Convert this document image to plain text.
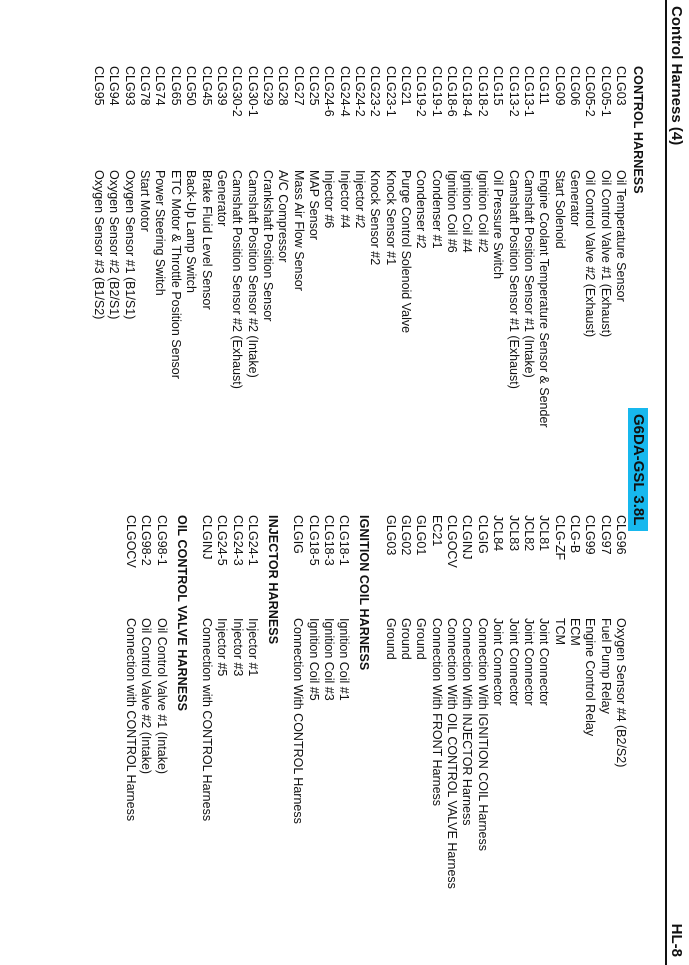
Control Harness (4)
HL-8
G6DA-GSL 3.8L
CONTROL HARNESS
CLG03
Oil Temperature Sensor
CLG05-1
Oil Control Valve #1 (Exhaust)
CLG05-2
Oil Control Valve #2 (Exhaust)
CLG06
Generator
CLG09
Start Solenoid
CLG11
Engine Coolant Temperature Sensor & Sender
CLG13-1
Camshaft Position Sensor #1 (Intake)
CLG13-2
Camshaft Position Sensor #1 (Exhaust)
CLG15
Oil Pressure Switch
CLG18-2
Ignition Coil #2
CLG18-4
Ignition Coil #4
CLG18-6
Ignition Coil #6
CLG19-1
Condenser #1
CLG19-2
Condenser #2
CLG21
Purge Control Solenoid Valve
CLG23-1
Knock Sensor #1
CLG23-2
Knock Sensor #2
CLG24-2
Injector #2
CLG24-4
Injector #4
CLG24-6
Injector #6
CLG25
MAP Sensor
CLG27
Mass Air Flow Sensor
CLG28
A/C Compressor
CLG29
Crankshaft Position Sensor
CLG30-1
Camshaft Position Sensor #2 (Intake)
CLG30-2
Camshaft Position Sensor #2 (Exhaust)
CLG39
Generator
CLG45
Brake Fluid Level Sensor
CLG50
Back-Up Lamp Switch
CLG65
ETC Motor & Throttle Position Sensor
CLG74
Power Steering Switch
CLG78
Start Motor
CLG93
Oxygen Sensor #1 (B1/S1)
CLG94
Oxygen Sensor #2 (B2/S1)
CLG95
Oxygen Sensor #3 (B1/S2)
CLG96
Oxygen Sensor #4 (B2/S2)
CLG97
Fuel Pump Relay
CLG99
Engine Control Relay
CLG-B
ECM
CLG-ZF
TCM
JCL81
Joint Connector
JCL82
Joint Connector
JCL83
Joint Connector
JCL84
Joint Connector
CLGIG
Connection With IGNITION COIL Harness
CLGINJ
Connection With INJECTOR Harness
CLGOCV
Connection With OIL CONTROL VALVE Harness
EC21
Connection With FRONT Harness
GLG01
Ground
GLG02
Ground
GLG03
Ground
IGNITION COIL HARNESS
CLG18-1
Ignition Coil #1
CLG18-3
Ignition Coil #3
CLG18-5
Ignition Coil #5
CLGIG
Connection With CONTROL Harness
INJECTOR HARNESS
CLG24-1
Injector #1
CLG24-3
Injector #3
CLG24-5
Injector #5
CLGINJ
Connection with CONTROL Harness
OIL CONTROL VALVE HARNESS
CLG98-1
Oil Control Valve #1 (Intake)
CLG98-2
Oil Control Valve #2 (Intake)
CLGOCV
Connection with CONTROL Harness
